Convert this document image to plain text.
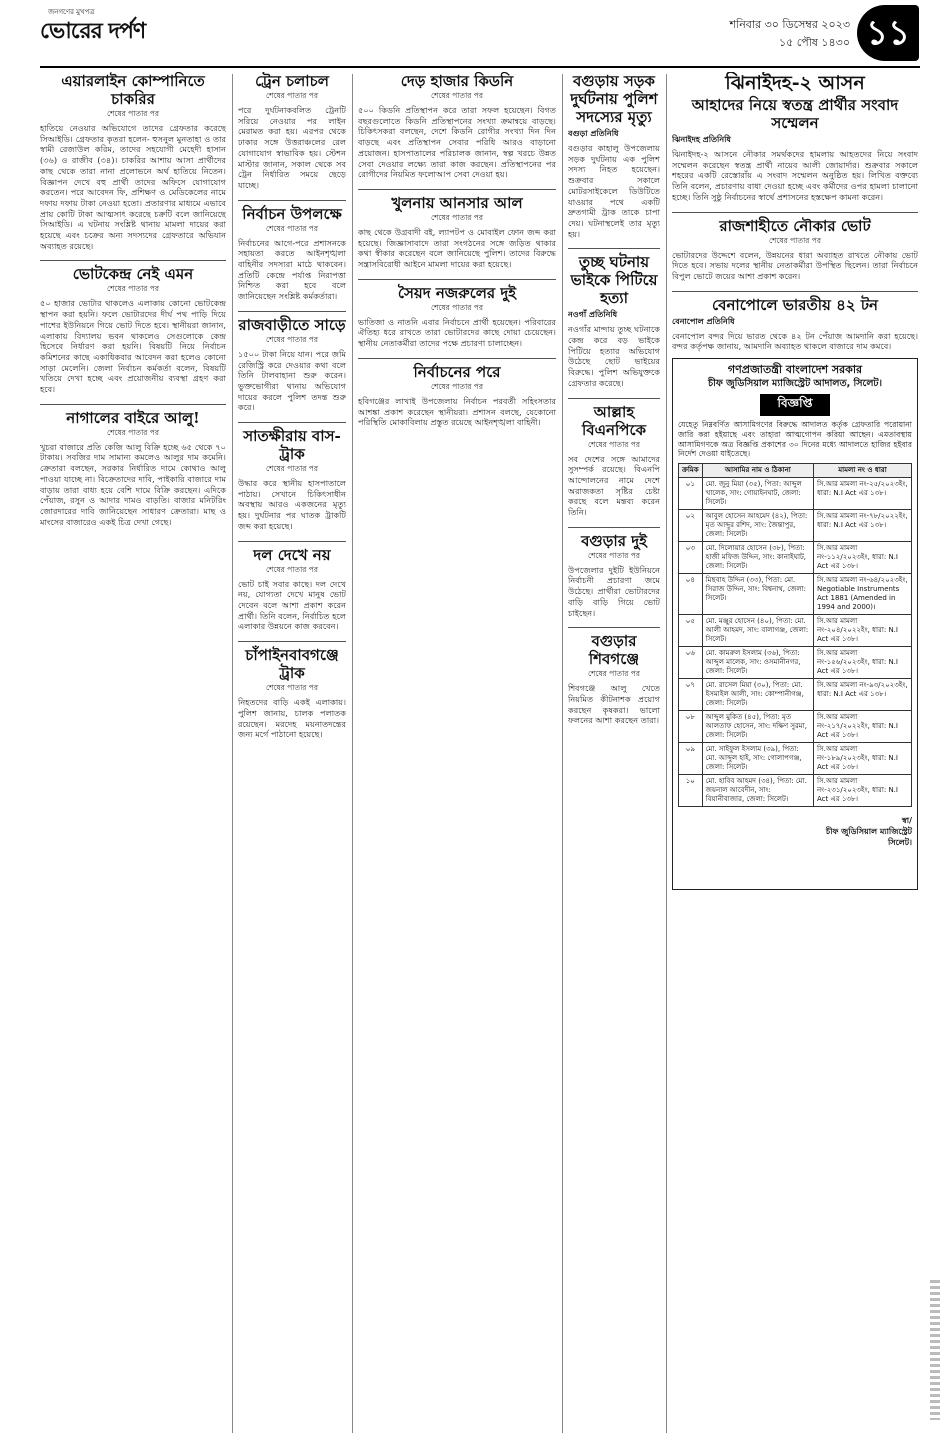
জনগণের মুখপত্র
ভোরের দর্পণ	শনিবার ৩০ ডিসেম্বর ২০২৩
১৫ পৌষ ১৪৩০ ১১
এয়ারলাইন কোম্পানিতে চাকরির
শেষের পাতার পর

হাতিয়ে নেওয়ার অভিযোগে তাদের গ্রেফতার করেছে সিআইডি। গ্রেফতার কৃতরা হলেন- হুসনুল মুনতাহা ও তার স্বামী রেজাউল করিম, তাদের সহযোগী মেহেদী হাসান (৩৬) ও রাজীব (৩৪)। চাকরির আশায় আসা প্রার্থীদের কাছ থেকে তারা নানা প্রলোভনে অর্থ হাতিয়ে নিতেন। বিজ্ঞাপন দেখে বহু প্রার্থী তাদের অফিসে যোগাযোগ করতেন। পরে আবেদন ফি, প্রশিক্ষণ ও মেডিকেলের নামে দফায় দফায় টাকা নেওয়া হতো। প্রতারণার মাধ্যমে এভাবে প্রায় কোটি টাকা আত্মসাৎ করেছে চক্রটি বলে জানিয়েছে সিআইডি। এ ঘটনায় সংশ্লিষ্ট থানায় মামলা দায়ের করা হয়েছে এবং চক্রের অন্য সদস্যদের গ্রেফতারে অভিযান অব্যাহত রয়েছে।

ভোটকেন্দ্র নেই এমন
শেষের পাতার পর

৫০ হাজার ভোটার থাকলেও এলাকায় কোনো ভোটকেন্দ্র স্থাপন করা হয়নি। ফলে ভোটারদের দীর্ঘ পথ পাড়ি দিয়ে পাশের ইউনিয়নে গিয়ে ভোট দিতে হবে। স্থানীয়রা জানান, এলাকায় বিদ্যালয় ভবন থাকলেও সেগুলোকে কেন্দ্র হিসেবে নির্ধারণ করা হয়নি। বিষয়টি নিয়ে নির্বাচন কমিশনের কাছে একাধিকবার আবেদন করা হলেও কোনো সাড়া মেলেনি। জেলা নির্বাচন কর্মকর্তা বলেন, বিষয়টি খতিয়ে দেখা হচ্ছে এবং প্রয়োজনীয় ব্যবস্থা গ্রহণ করা হবে।

নাগালের বাইরে আলু!
শেষের পাতার পর

খুচরা বাজারে প্রতি কেজি আলু বিক্রি হচ্ছে ৬৫ থেকে ৭০ টাকায়। সবজির দাম সামান্য কমলেও আলুর দাম কমেনি। ক্রেতারা বলছেন, সরকার নির্ধারিত দামে কোথাও আলু পাওয়া যাচ্ছে না। বিক্রেতাদের দাবি, পাইকারি বাজারে দাম বাড়ায় তারা বাধ্য হয়ে বেশি দামে বিক্রি করছেন। এদিকে পেঁয়াজ, রসুন ও আদার দামও বাড়তি। বাজার মনিটরিং জোরদারের দাবি জানিয়েছেন সাধারণ ক্রেতারা। মাছ ও মাংসের বাজারেও একই চিত্র দেখা গেছে।

ট্রেন চলাচল
শেষের পাতার পর

পরে দুর্ঘটনাকবলিত ট্রেনটি সরিয়ে নেওয়ার পর লাইন মেরামত করা হয়। এরপর থেকে ঢাকার সঙ্গে উত্তরাঞ্চলের রেল যোগাযোগ স্বাভাবিক হয়। স্টেশন মাস্টার জানান, সকাল থেকে সব ট্রেন নির্ধারিত সময়ে ছেড়ে যাচ্ছে।

নির্বাচন উপলক্ষে
শেষের পাতার পর

নির্বাচনের আগে-পরে প্রশাসনকে সহায়তা করতে আইনশৃঙ্খলা বাহিনীর সদস্যরা মাঠে থাকবেন। প্রতিটি কেন্দ্রে পর্যাপ্ত নিরাপত্তা নিশ্চিত করা হবে বলে জানিয়েছেন সংশ্লিষ্ট কর্মকর্তারা।

রাজবাড়ীতে সাড়ে
শেষের পাতার পর

১৫০০ টাকা নিয়ে যান। পরে জমি রেজিস্ট্রি করে দেওয়ার কথা বলে তিনি টালবাহানা শুরু করেন। ভুক্তভোগীরা থানায় অভিযোগ দায়ের করলে পুলিশ তদন্ত শুরু করে।

সাতক্ষীরায় বাস-ট্রাক
শেষের পাতার পর

উদ্ধার করে স্থানীয় হাসপাতালে পাঠায়। সেখানে চিকিৎসাধীন অবস্থায় আরও একজনের মৃত্যু হয়। দুর্ঘটনার পর ঘাতক ট্রাকটি জব্দ করা হয়েছে।

দল দেখে নয়
শেষের পাতার পর

ভোট চাই সবার কাছে। দল দেখে নয়, যোগ্যতা দেখে মানুষ ভোট দেবেন বলে আশা প্রকাশ করেন প্রার্থী। তিনি বলেন, নির্বাচিত হলে এলাকার উন্নয়নে কাজ করবেন।

চাঁপাইনবাবগঞ্জে ট্রাক
শেষের পাতার পর

নিহতদের বাড়ি একই এলাকায়। পুলিশ জানায়, চালক পলাতক রয়েছেন। মরদেহ ময়নাতদন্তের জন্য মর্গে পাঠানো হয়েছে।

দেড় হাজার কিডনি
শেষের পাতার পর

৫০০ কিডনি প্রতিস্থাপন করে তারা সফল হয়েছেন। বিগত বছরগুলোতে কিডনি প্রতিস্থাপনের সংখ্যা ক্রমান্বয়ে বাড়ছে। চিকিৎসকরা বলছেন, দেশে কিডনি রোগীর সংখ্যা দিন দিন বাড়ছে এবং প্রতিস্থাপন সেবার পরিধি আরও বাড়ানো প্রয়োজন। হাসপাতালের পরিচালক জানান, স্বল্প খরচে উন্নত সেবা দেওয়ার লক্ষ্যে তারা কাজ করছেন। প্রতিস্থাপনের পর রোগীদের নিয়মিত ফলোআপ সেবা দেওয়া হয়।

খুলনায় আনসার আল
শেষের পাতার পর

কাছ থেকে উগ্রবাদী বই, ল্যাপটপ ও মোবাইল ফোন জব্দ করা হয়েছে। জিজ্ঞাসাবাদে তারা সংগঠনের সঙ্গে জড়িত থাকার কথা স্বীকার করেছেন বলে জানিয়েছে পুলিশ। তাদের বিরুদ্ধে সন্ত্রাসবিরোধী আইনে মামলা দায়ের করা হয়েছে।

সৈয়দ নজরুলের দুই
শেষের পাতার পর

ভাতিজা ও নাতনি এবার নির্বাচনে প্রার্থী হয়েছেন। পরিবারের ঐতিহ্য ধরে রাখতে তারা ভোটারদের কাছে দোয়া চেয়েছেন। স্থানীয় নেতাকর্মীরা তাদের পক্ষে প্রচারণা চালাচ্ছেন।

নির্বাচনের পরে
শেষের পাতার পর

হবিগঞ্জের লাখাই উপজেলায় নির্বাচন পরবর্তী সহিংসতার আশঙ্কা প্রকাশ করেছেন স্থানীয়রা। প্রশাসন বলছে, যেকোনো পরিস্থিতি মোকাবিলায় প্রস্তুত রয়েছে আইনশৃঙ্খলা বাহিনী।

বগুড়ায় সড়ক দুর্ঘটনায় পুলিশ সদস্যের মৃত্যু
বগুড়া প্রতিনিধি

বগুড়ার কাহালু উপজেলায় সড়ক দুর্ঘটনায় এক পুলিশ সদস্য নিহত হয়েছেন। শুক্রবার সকালে মোটরসাইকেলে ডিউটিতে যাওয়ার পথে একটি দ্রুতগামী ট্রাক তাকে চাপা দেয়। ঘটনাস্থলেই তার মৃত্যু হয়।

তুচ্ছ ঘটনায় ভাইকে পিটিয়ে হত্যা
নওগাঁ প্রতিনিধি

নওগাঁর মান্দায় তুচ্ছ ঘটনাকে কেন্দ্র করে বড় ভাইকে পিটিয়ে হত্যার অভিযোগ উঠেছে ছোট ভাইয়ের বিরুদ্ধে। পুলিশ অভিযুক্তকে গ্রেফতার করেছে।

আল্লাহ বিএনপিকে
শেষের পাতার পর

সব দেশের সঙ্গে আমাদের সুসম্পর্ক রয়েছে। বিএনপি আন্দোলনের নামে দেশে অরাজকতা সৃষ্টির চেষ্টা করছে বলে মন্তব্য করেন তিনি।

বগুড়ার দুই
শেষের পাতার পর

উপজেলার দুইটি ইউনিয়নে নির্বাচনী প্রচারণা জমে উঠেছে। প্রার্থীরা ভোটারদের বাড়ি বাড়ি গিয়ে ভোট চাইছেন।

বগুড়ার শিবগঞ্জে
শেষের পাতার পর

শিবগঞ্জে আলু খেতে নিয়মিত কীটনাশক প্রয়োগ করছেন কৃষকরা। ভালো ফলনের আশা করছেন তারা।

ঝিনাইদহ-২ আসন
আহাদের নিয়ে স্বতন্ত্র প্রার্থীর সংবাদ সম্মেলন
ঝিনাইদহ প্রতিনিধি

ঝিনাইদহ-২ আসনে নৌকার সমর্থকদের হামলায় আহতদের নিয়ে সংবাদ সম্মেলন করেছেন স্বতন্ত্র প্রার্থী নায়েব আলী জোয়ার্দার। শুক্রবার সকালে শহরের একটি রেস্তোরাঁয় এ সংবাদ সম্মেলন অনুষ্ঠিত হয়। লিখিত বক্তব্যে তিনি বলেন, প্রচারণায় বাধা দেওয়া হচ্ছে এবং কর্মীদের ওপর হামলা চালানো হচ্ছে। তিনি সুষ্ঠু নির্বাচনের স্বার্থে প্রশাসনের হস্তক্ষেপ কামনা করেন।

রাজশাহীতে নৌকার ভোট
শেষের পাতার পর

ভোটারদের উদ্দেশে বলেন, উন্নয়নের ধারা অব্যাহত রাখতে নৌকায় ভোট দিতে হবে। সভায় দলের স্থানীয় নেতাকর্মীরা উপস্থিত ছিলেন। তারা নির্বাচনে বিপুল ভোটে জয়ের আশা প্রকাশ করেন।

বেনাপোলে ভারতীয় ৪২ টন
বেনাপোল প্রতিনিধি

বেনাপোল বন্দর দিয়ে ভারত থেকে ৪২ টন পেঁয়াজ আমদানি করা হয়েছে। বন্দর কর্তৃপক্ষ জানায়, আমদানি অব্যাহত থাকলে বাজারে দাম কমবে।

গণপ্রজাতন্ত্রী বাংলাদেশ সরকার
চীফ জুডিসিয়াল ম্যাজিস্ট্রেট আদালত, সিলেট।
বিজ্ঞপ্তি
যেহেতু নিম্নবর্ণিত আসামিগণের বিরুদ্ধে আদালত কর্তৃক গ্রেফতারি পরোয়ানা জারি করা হইয়াছে এবং তাহারা আত্মগোপন করিয়া আছেন। এমতাবস্থায় আসামিগণকে অত্র বিজ্ঞপ্তি প্রকাশের ৩০ দিনের মধ্যে আদালতে হাজির হইবার নির্দেশ দেওয়া যাইতেছে।
ক্রমিক	আসামির নাম ও ঠিকানা	মামলা নং ও ধারা
০১	মো. জুনু মিয়া (৩৫), পিতা: আব্দুল খালেক, সাং: গোয়াইনঘাট, জেলা: সিলেট।	সি.আর মামলা নং-২৫/২০২৩ইং, ধারা: N.I Act এর ১৩৮।
০২	আবুল হোসেন আহমেদ (৪২), পিতা: মৃত আব্দুর রশিদ, সাং: জৈন্তাপুর, জেলা: সিলেট।	সি.আর মামলা নং-৭৮/২০২২ইং, ধারা: N.I Act এর ১৩৮।
০৩	মো. দিলোয়ার হোসেন (৩৮), পিতা: হাজী মফিজ উদ্দিন, সাং: কানাইঘাট, জেলা: সিলেট।	সি.আর মামলা নং-১১২/২০২৩ইং, ধারা: N.I Act এর ১৩৮।
০৪	মিছবাহ উদ্দিন (৩৩), পিতা: মো. সিরাজ উদ্দিন, সাং: বিশ্বনাথ, জেলা: সিলেট।	সি.আর মামলা নং-৬৪/২০২৩ইং, Negotiable Instruments Act 1881 (Amended in 1994 and 2000)।
০৫	মো. মঞ্জুর হোসেন (৪০), পিতা: মো. আলী আহমদ, সাং: বালাগঞ্জ, জেলা: সিলেট।	সি.আর মামলা নং-২০৪/২০২২ইং, ধারা: N.I Act এর ১৩৮।
০৬	মো. কামরুল ইসলাম (৩৬), পিতা: আব্দুল মালেক, সাং: ওসমানীনগর, জেলা: সিলেট।	সি.আর মামলা নং-১৫৬/২০২৩ইং, ধারা: N.I Act এর ১৩৮।
০৭	মো. রাসেল মিয়া (৩০), পিতা: মো. ইসমাইল আলী, সাং: কোম্পানীগঞ্জ, জেলা: সিলেট।	সি.আর মামলা নং-৯৩/২০২৩ইং, ধারা: N.I Act এর ১৩৮।
০৮	আব্দুল মুকিত (৪৫), পিতা: মৃত আলতাফ হোসেন, সাং: দক্ষিণ সুরমা, জেলা: সিলেট।	সি.আর মামলা নং-২১৭/২০২২ইং, ধারা: N.I Act এর ১৩৮।
০৯	মো. সাইফুল ইসলাম (৩৯), পিতা: মো. আব্দুল হাই, সাং: গোলাপগঞ্জ, জেলা: সিলেট।	সি.আর মামলা নং-১৮৯/২০২৩ইং, ধারা: N.I Act এর ১৩৮।
১০	মো. হাবিব আহমদ (৩৪), পিতা: মো. জয়নাল আবেদীন, সাং: বিয়ানীবাজার, জেলা: সিলেট।	সি.আর মামলা নং-২৩১/২০২৩ইং, ধারা: N.I Act এর ১৩৮।
স্বা/
চীফ জুডিসিয়াল ম্যাজিস্ট্রেট
সিলেট।
